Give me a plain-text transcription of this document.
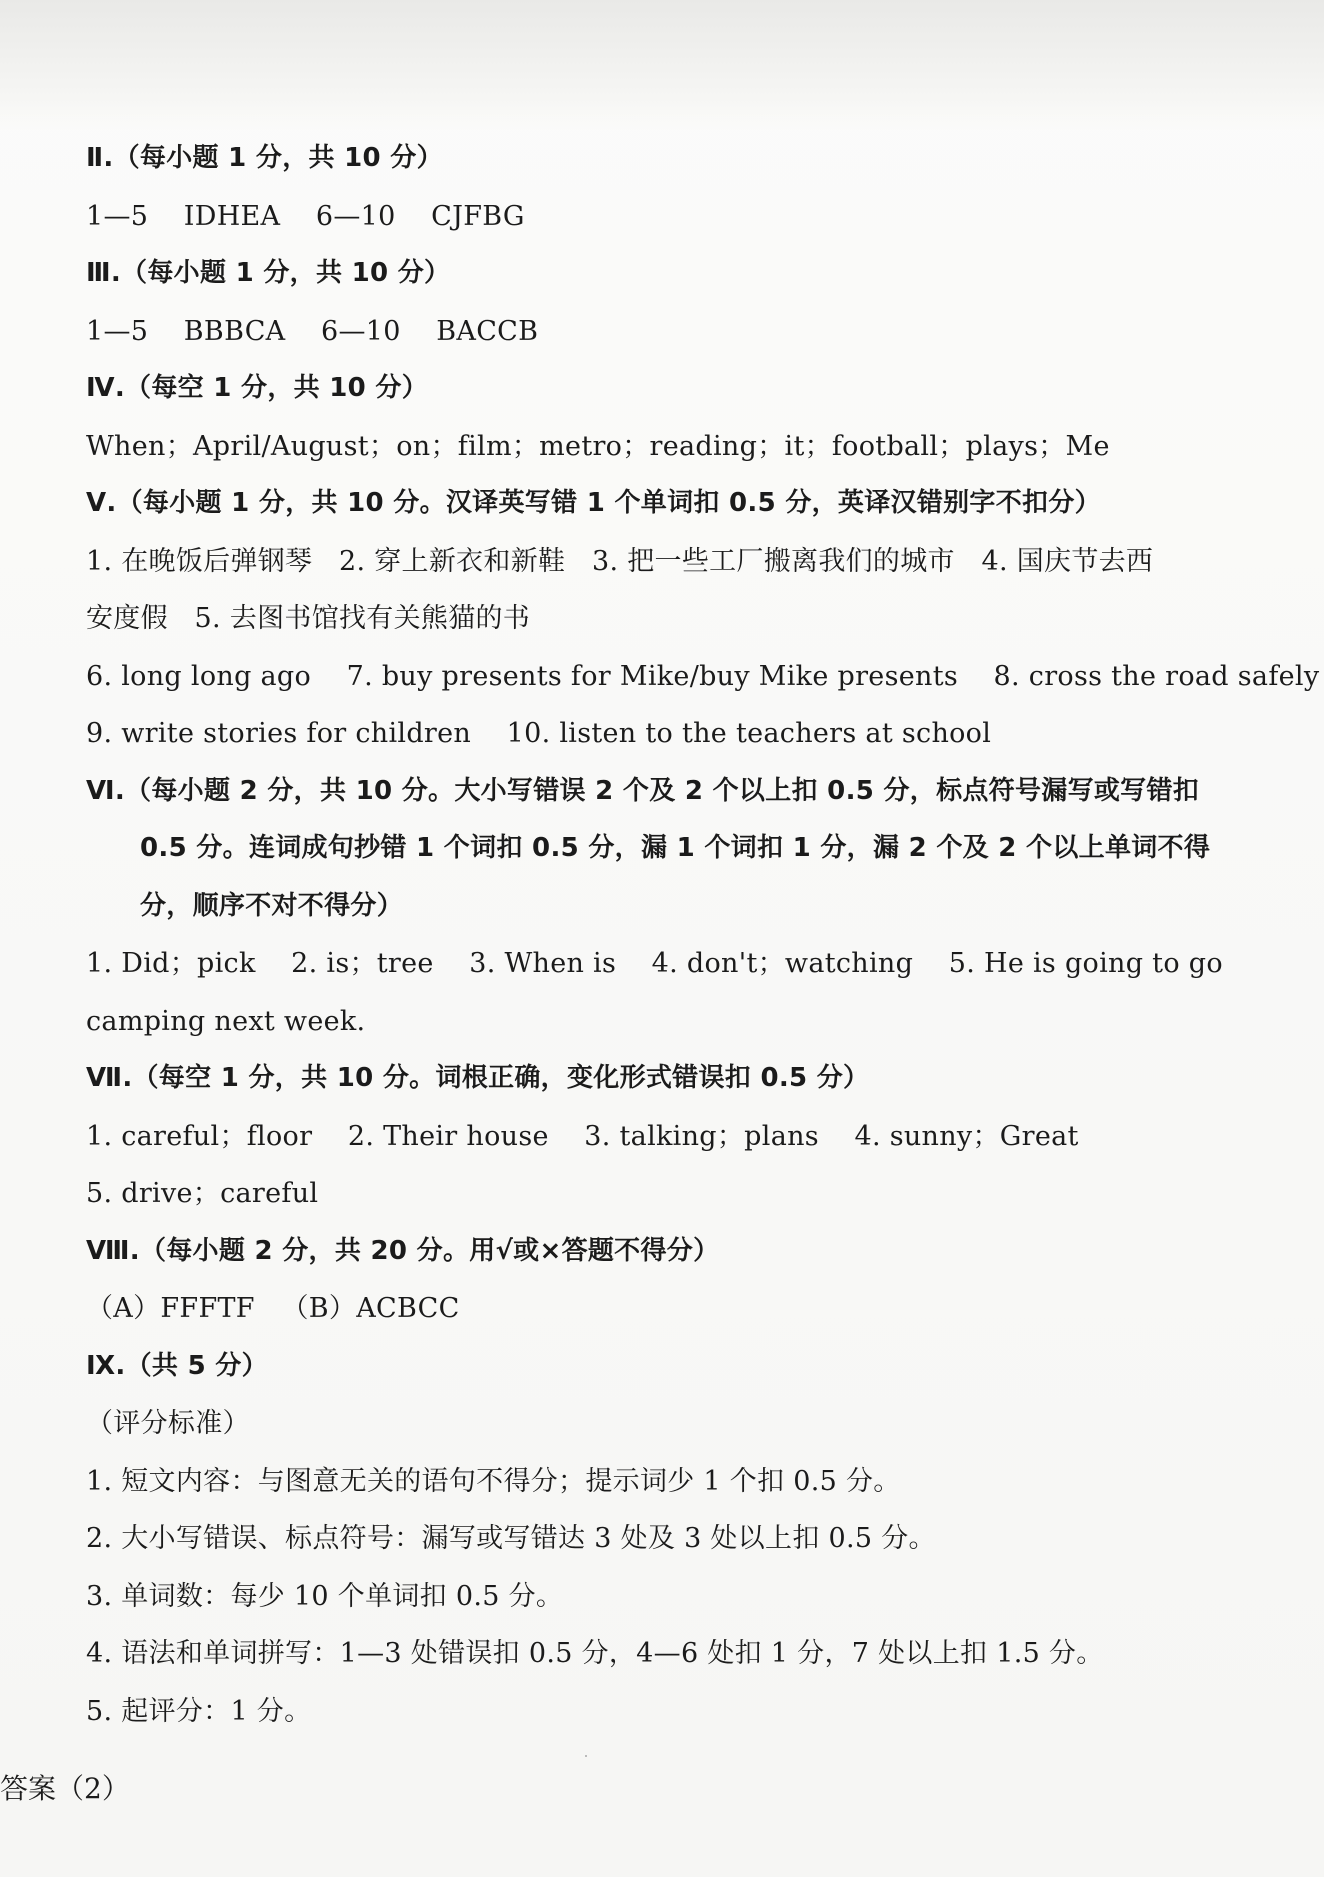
Ⅱ.（每小题 1 分，共 10 分）
1—5    IDHEA    6—10    CJFBG
Ⅲ.（每小题 1 分，共 10 分）
1—5    BBBCA    6—10    BACCB
Ⅳ.（每空 1 分，共 10 分）
When；April/August；on；film；metro；reading；it；football；plays；Me
Ⅴ.（每小题 1 分，共 10 分。汉译英写错 1 个单词扣 0.5 分，英译汉错别字不扣分）
1. 在晚饭后弹钢琴   2. 穿上新衣和新鞋   3. 把一些工厂搬离我们的城市   4. 国庆节去西
安度假   5. 去图书馆找有关熊猫的书
6. long long ago    7. buy presents for Mike/buy Mike presents    8. cross the road safely
9. write stories for children    10. listen to the teachers at school
Ⅵ.（每小题 2 分，共 10 分。大小写错误 2 个及 2 个以上扣 0.5 分，标点符号漏写或写错扣
0.5 分。连词成句抄错 1 个词扣 0.5 分，漏 1 个词扣 1 分，漏 2 个及 2 个以上单词不得
分，顺序不对不得分）
1. Did；pick    2. is；tree    3. When is    4. don't；watching    5. He is going to go
camping next week.
Ⅶ.（每空 1 分，共 10 分。词根正确，变化形式错误扣 0.5 分）
1. careful；floor    2. Their house    3. talking；plans    4. sunny；Great
5. drive；careful
Ⅷ.（每小题 2 分，共 20 分。用√或×答题不得分）
（A）FFFTF   （B）ACBCC
Ⅸ.（共 5 分）
（评分标准）
1. 短文内容：与图意无关的语句不得分；提示词少 1 个扣 0.5 分。
2. 大小写错误、标点符号：漏写或写错达 3 处及 3 处以上扣 0.5 分。
3. 单词数：每少 10 个单词扣 0.5 分。
4. 语法和单词拼写：1—3 处错误扣 0.5 分，4—6 处扣 1 分，7 处以上扣 1.5 分。
5. 起评分：1 分。
答案（2）
